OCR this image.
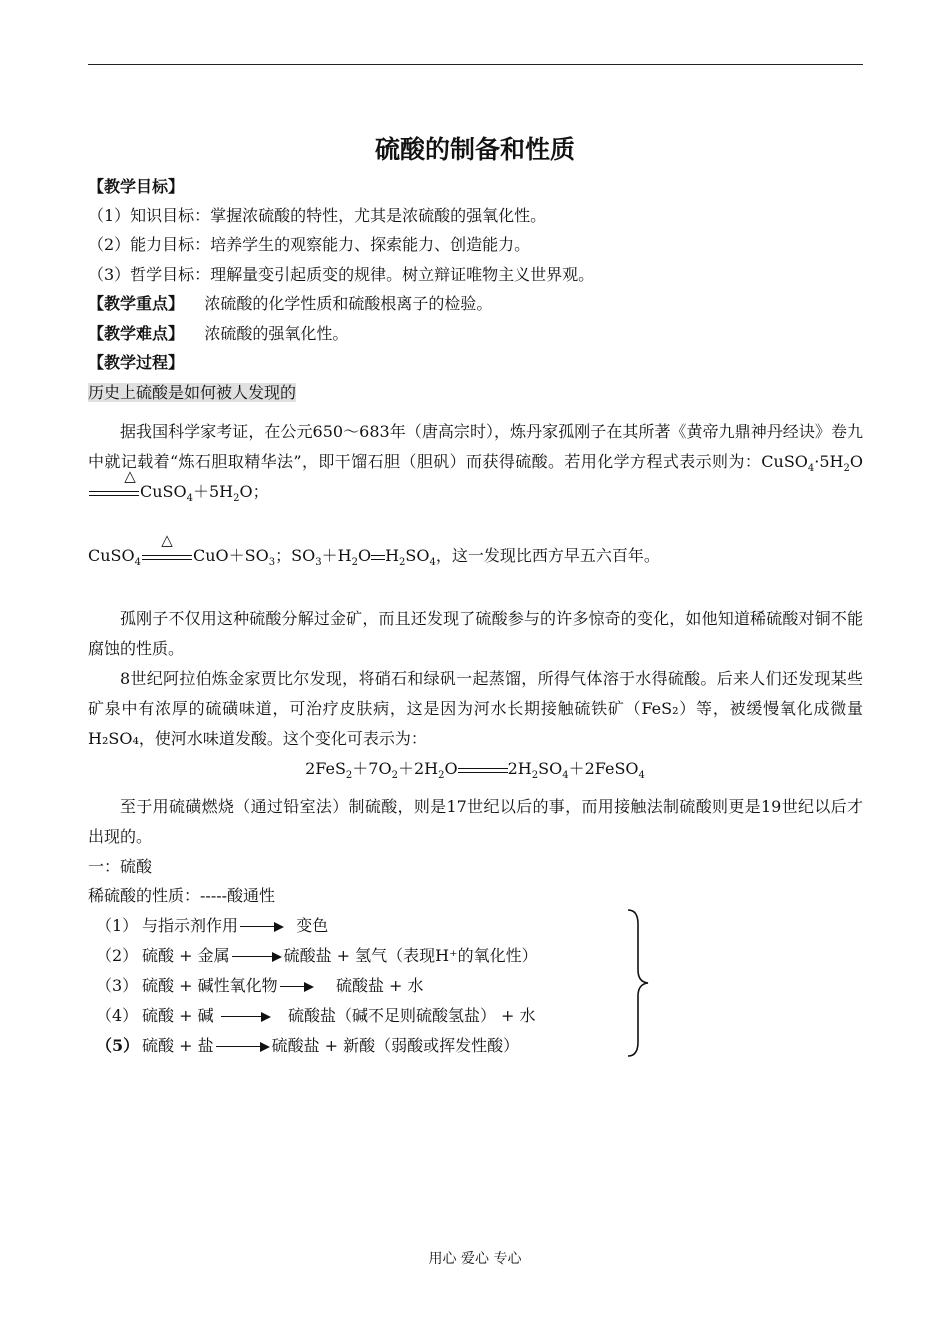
硫酸的制备和性质
【教学目标】
（1）知识目标：掌握浓硫酸的特性，尤其是浓硫酸的强氧化性。
（2）能力目标：培养学生的观察能力、探索能力、创造能力。
（3）哲学目标：理解量变引起质变的规律。树立辩证唯物主义世界观。
【教学重点】 浓硫酸的化学性质和硫酸根离子的检验。
【教学难点】 浓硫酸的强氧化性。
【教学过程】
历史上硫酸是如何被人发现的
据我国科学家考证，在公元650～683年（唐高宗时），炼丹家孤刚子在其所著《黄帝九鼎神丹经诀》卷九中就记载着“炼石胆取精华法”，即干馏石胆（胆矾）而获得硫酸。若用化学方程式表示则为：$CuSO_4\cdot 5H_2O$
△
$CuSO_4+5H_2O$；
CuSO$_4$
△
$CuO+SO_3$；$SO_3+H_2O$ $H_2SO_4$，这一发现比西方早五六百年。
孤刚子不仅用这种硫酸分解过金矿，而且还发现了硫酸参与的许多惊奇的变化，如他知道稀硫酸对铜不能腐蚀的性质。
8世纪阿拉伯炼金家贾比尔发现，将硝石和绿矾一起蒸馏，所得气体溶于水得硫酸。后来人们还发现某些矿泉中有浓厚的硫磺味道，可治疗皮肤病，这是因为河水长期接触硫铁矿（FeS₂）等，被缓慢氧化成微量H₂SO₄，使河水味道发酸。这个变化可表示为：
$2FeS_2+7O_2+2H_2O$	$2H_2SO_4+2FeSO_4$
至于用硫磺燃烧（通过铅室法）制硫酸，则是17世纪以后的事，而用接触法制硫酸则更是19世纪以后才出现的。
一：硫酸
稀硫酸的性质：-----酸通性
（1） 与指示剂作用	变色
（2） 硫酸 + 金属	硫酸盐 + 氢气（表现H⁺的氧化性）
（3） 硫酸 + 碱性氧化物	硫酸盐 + 水
（4） 硫酸 + 碱	硫酸盐（碱不足则硫酸氢盐） + 水
（5） 硫酸 + 盐	硫酸盐 + 新酸（弱酸或挥发性酸）
用心 爱心 专心
